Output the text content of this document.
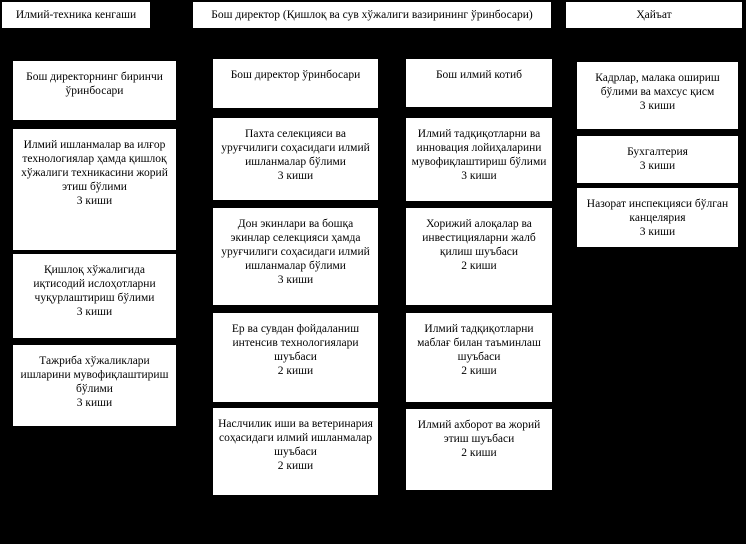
Илмий-техника кенгаши	Бош директор (Қишлоқ ва сув хўжалиги вазирининг ўринбосари)	Ҳайъат
Бош директорнинг биринчи ўринбосари
Илмий ишланмалар ва илғор технологиялар ҳамда қишлоқ хўжалиги техникасини жорий этиш бўлими
3 киши
Қишлоқ хўжалигида иқтисодий ислоҳотларни чуқурлаштириш бўлими
3 киши
Тажриба хўжаликлари ишларини мувофиқлаштириш бўлими
3 киши
Бош директор ўринбосари
Пахта селекцияси ва уруғчилиги соҳасидаги илмий ишланмалар бўлими
3 киши
Дон экинлари ва бошқа экинлар селекцияси ҳамда уруғчилиги соҳасидаги илмий ишланмалар бўлими
3 киши
Ер ва сувдан фойдаланиш интенсив технологиялари шуъбаси
2 киши
Наслчилик иши ва ветеринария соҳасидаги илмий ишланмалар шуъбаси
2 киши
Бош илмий котиб
Илмий тадқиқотларни ва инновация лойиҳаларини мувофиқлаштириш бўлими
3 киши
Хорижий алоқалар ва инвестицияларни жалб қилиш шуъбаси
2 киши
Илмий тадқиқотларни маблағ билан таъминлаш шуъбаси
2 киши
Илмий ахборот ва жорий этиш шуъбаси
2 киши
Кадрлар, малака ошириш бўлими ва махсус қисм
3 киши
Бухгалтерия
3 киши
Назорат инспекцияси бўлган канцелярия
3 киши
